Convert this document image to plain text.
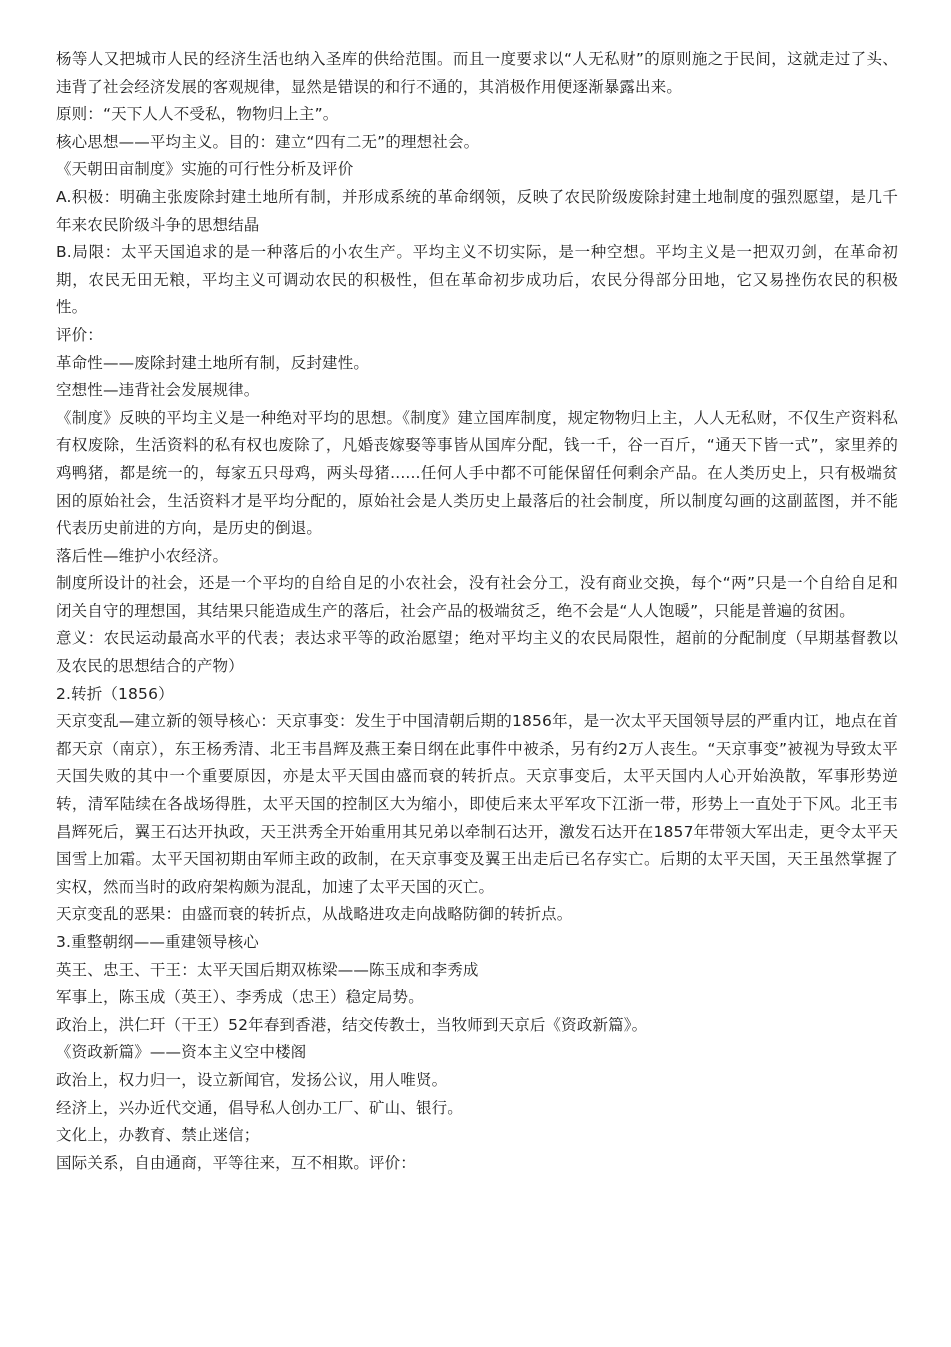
杨等人又把城市人民的经济生活也纳入圣库的供给范围。而且一度要求以“人无私财”的原则施之于民间，这就走过了头、违背了社会经济发展的客观规律，显然是错误的和行不通的，其消极作用便逐渐暴露出来。

原则：“天下人人不受私，物物归上主”。

核心思想——平均主义。目的：建立“四有二无”的理想社会。

《天朝田亩制度》实施的可行性分析及评价

A.积极：明确主张废除封建土地所有制，并形成系统的革命纲领，反映了农民阶级废除封建土地制度的强烈愿望，是几千年来农民阶级斗争的思想结晶

B.局限：太平天国追求的是一种落后的小农生产。平均主义不切实际，是一种空想。平均主义是一把双刃剑，在革命初期，农民无田无粮，平均主义可调动农民的积极性，但在革命初步成功后，农民分得部分田地，它又易挫伤农民的积极性。

评价：

革命性——废除封建土地所有制，反封建性。

空想性—违背社会发展规律。

《制度》反映的平均主义是一种绝对平均的思想。《制度》建立国库制度，规定物物归上主，人人无私财，不仅生产资料私有权废除，生活资料的私有权也废除了，凡婚丧嫁娶等事皆从国库分配，钱一千，谷一百斤，“通天下皆一式”，家里养的鸡鸭猪，都是统一的，每家五只母鸡，两头母猪......任何人手中都不可能保留任何剩余产品。在人类历史上，只有极端贫困的原始社会，生活资料才是平均分配的，原始社会是人类历史上最落后的社会制度，所以制度勾画的这副蓝图，并不能代表历史前进的方向，是历史的倒退。

落后性—维护小农经济。

制度所设计的社会，还是一个平均的自给自足的小农社会，没有社会分工，没有商业交换，每个“两”只是一个自给自足和闭关自守的理想国，其结果只能造成生产的落后，社会产品的极端贫乏，绝不会是“人人饱暖”，只能是普遍的贫困。

意义：农民运动最高水平的代表；表达求平等的政治愿望；绝对平均主义的农民局限性，超前的分配制度（早期基督教以及农民的思想结合的产物）

2.转折（1856）

天京变乱—建立新的领导核心：天京事变：发生于中国清朝后期的1856年，是一次太平天国领导层的严重内讧，地点在首都天京（南京），东王杨秀清、北王韦昌辉及燕王秦日纲在此事件中被杀，另有约2万人丧生。“天京事变”被视为导致太平天国失败的其中一个重要原因，亦是太平天国由盛而衰的转折点。天京事变后，太平天国内人心开始涣散，军事形势逆转，清军陆续在各战场得胜，太平天国的控制区大为缩小，即使后来太平军攻下江浙一带，形势上一直处于下风。北王韦昌辉死后，翼王石达开执政，天王洪秀全开始重用其兄弟以牵制石达开，激发石达开在1857年带领大军出走，更令太平天国雪上加霜。太平天国初期由军师主政的政制，在天京事变及翼王出走后已名存实亡。后期的太平天国，天王虽然掌握了实权，然而当时的政府架构颇为混乱，加速了太平天国的灭亡。

天京变乱的恶果：由盛而衰的转折点，从战略进攻走向战略防御的转折点。

3.重整朝纲——重建领导核心

英王、忠王、干王：太平天国后期双栋梁——陈玉成和李秀成

军事上，陈玉成（英王）、李秀成（忠王）稳定局势。

政治上，洪仁玕（干王）52年春到香港，结交传教士，当牧师到天京后《资政新篇》。

《资政新篇》——资本主义空中楼阁

政治上，权力归一，设立新闻官，发扬公议，用人唯贤。

经济上，兴办近代交通，倡导私人创办工厂、矿山、银行。

文化上，办教育、禁止迷信；

国际关系，自由通商，平等往来，互不相欺。评价：
